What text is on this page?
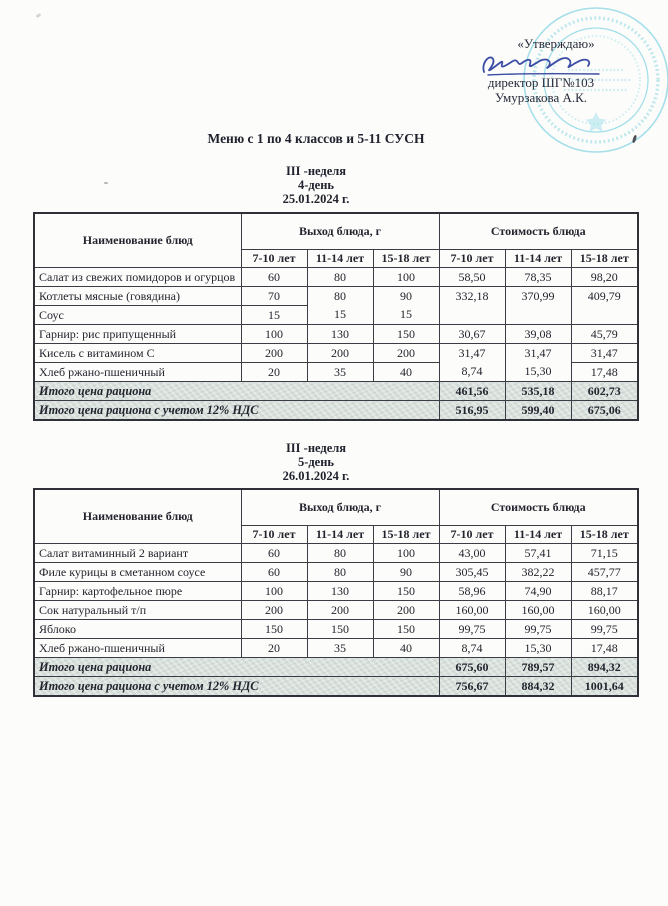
«Утверждаю»
директор ШГ№103
Умурзакова А.К.
Меню с 1 по 4 классов и 5-11 СУСН
III -неделя
4-день
25.01.2024 г.
Наименование блюд	Выход блюда, г			Стоимость блюда		
	7-10 лет	11-14 лет	15-18 лет	7-10 лет	11-14 лет	15-18 лет
Салат из свежих помидоров и огурцов	60	80	100	58,50	78,35	98,20
Котлеты мясные (говядина)	70	80	90	332,18	370,99	409,79
Соус	15	15	15			
Гарнир: рис припущенный	100	130	150	30,67	39,08	45,79
Кисель с витамином С	200	200	200	31,47	31,47	31,47
Хлеб ржано-пшеничный	20	35	40	8,74	15,30	17,48
Итого цена рациона				461,56	535,18	602,73
Итого цена рациона с учетом 12% НДС				516,95	599,40	675,06
III -неделя
5-день
26.01.2024 г.
Наименование блюд	Выход блюда, г			Стоимость блюда		
	7-10 лет	11-14 лет	15-18 лет	7-10 лет	11-14 лет	15-18 лет
Салат витаминный 2 вариант	60	80	100	43,00	57,41	71,15
Филе курицы в сметанном соусе	60	80	90	305,45	382,22	457,77
Гарнир: картофельное пюре	100	130	150	58,96	74,90	88,17
Сок натуральный т/п	200	200	200	160,00	160,00	160,00
Яблоко	150	150	150	99,75	99,75	99,75
Хлеб ржано-пшеничный	20	35	40	8,74	15,30	17,48
Итого цена рациона				675,60	789,57	894,32
Итого цена рациона с учетом 12% НДС				756,67	884,32	1001,64
